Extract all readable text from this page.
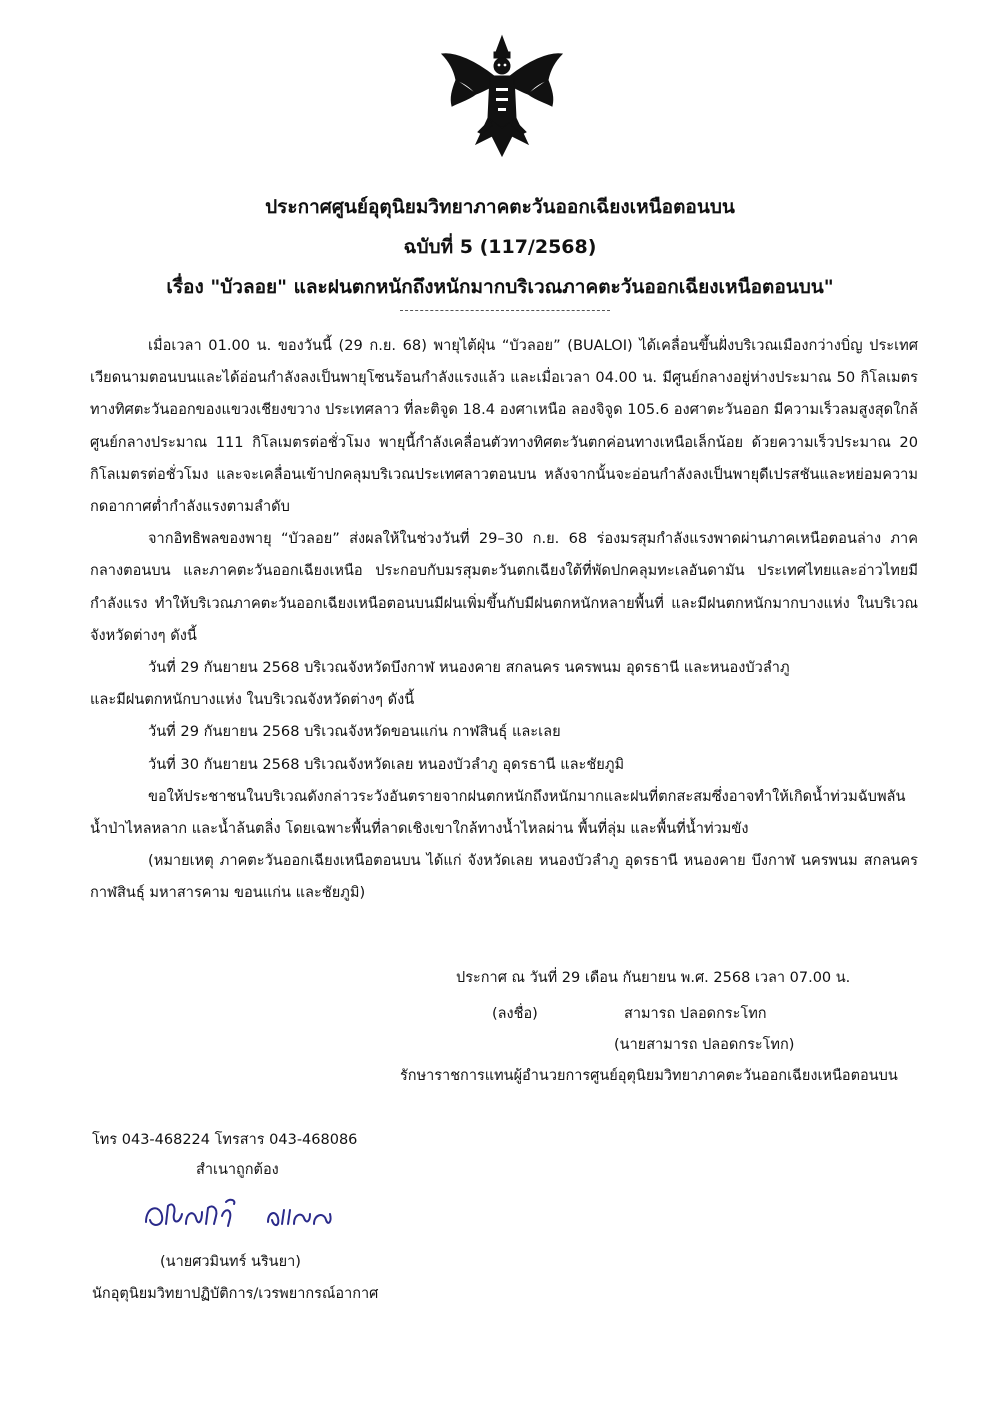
ประกาศศูนย์อุตุนิยมวิทยาภาคตะวันออกเฉียงเหนือตอนบน
ฉบับที่ 5 (117/2568)
เรื่อง "บัวลอย" และฝนตกหนักถึงหนักมากบริเวณภาคตะวันออกเฉียงเหนือตอนบน"

เมื่อเวลา 01.00 น. ของวันนี้ (29 ก.ย. 68) พายุไต้ฝุ่น “บัวลอย” (BUALOI) ได้เคลื่อนขึ้นฝั่งบริเวณเมืองกว่างบิ่ญ ประเทศเวียดนามตอนบนและได้อ่อนกำลังลงเป็นพายุโซนร้อนกำลังแรงแล้ว และเมื่อเวลา 04.00 น. มีศูนย์กลางอยู่ห่างประมาณ 50 กิโลเมตร ทางทิศตะวันออกของแขวงเชียงขวาง ประเทศลาว ที่ละติจูด 18.4 องศาเหนือ ลองจิจูด 105.6 องศาตะวันออก มีความเร็วลมสูงสุดใกล้ศูนย์กลางประมาณ 111 กิโลเมตรต่อชั่วโมง พายุนี้กำลังเคลื่อนตัวทางทิศตะวันตกค่อนทางเหนือเล็กน้อย ด้วยความเร็วประมาณ 20 กิโลเมตรต่อชั่วโมง และจะเคลื่อนเข้าปกคลุมบริเวณประเทศลาวตอนบน หลังจากนั้นจะอ่อนกำลังลงเป็นพายุดีเปรสชันและหย่อมความกดอากาศต่ำกำลังแรงตามลำดับ

จากอิทธิพลของพายุ “บัวลอย” ส่งผลให้ในช่วงวันที่ 29–30 ก.ย. 68 ร่องมรสุมกำลังแรงพาดผ่านภาคเหนือตอนล่าง ภาคกลางตอนบน และภาคตะวันออกเฉียงเหนือ ประกอบกับมรสุมตะวันตกเฉียงใต้ที่พัดปกคลุมทะเลอันดามัน ประเทศไทยและอ่าวไทยมีกำลังแรง ทำให้บริเวณภาคตะวันออกเฉียงเหนือตอนบนมีฝนเพิ่มขึ้นกับมีฝนตกหนักหลายพื้นที่ และมีฝนตกหนักมากบางแห่ง ในบริเวณจังหวัดต่างๆ ดังนี้

วันที่ 29 กันยายน 2568 บริเวณจังหวัดบึงกาฬ หนองคาย สกลนคร นครพนม อุดรธานี และหนองบัวลำภู

และมีฝนตกหนักบางแห่ง ในบริเวณจังหวัดต่างๆ ดังนี้

วันที่ 29 กันยายน 2568 บริเวณจังหวัดขอนแก่น กาฬสินธุ์ และเลย

วันที่ 30 กันยายน 2568 บริเวณจังหวัดเลย หนองบัวลำภู อุดรธานี และชัยภูมิ

ขอให้ประชาชนในบริเวณดังกล่าวระวังอันตรายจากฝนตกหนักถึงหนักมากและฝนที่ตกสะสมซึ่งอาจทำให้เกิดน้ำท่วมฉับพลัน น้ำป่าไหลหลาก และน้ำล้นตลิ่ง โดยเฉพาะพื้นที่ลาดเชิงเขาใกล้ทางน้ำไหลผ่าน พื้นที่ลุ่ม และพื้นที่น้ำท่วมขัง

(หมายเหตุ ภาคตะวันออกเฉียงเหนือตอนบน ได้แก่ จังหวัดเลย หนองบัวลำภู อุดรธานี หนองคาย บึงกาฬ นครพนม สกลนคร กาฬสินธุ์ มหาสารคาม ขอนแก่น และชัยภูมิ)

ประกาศ ณ วันที่ 29 เดือน กันยายน พ.ศ. 2568 เวลา 07.00 น.
(ลงชื่อ)	สามารถ ปลอดกระโทก
(นายสามารถ ปลอดกระโทก)
รักษาราชการแทนผู้อำนวยการศูนย์อุตุนิยมวิทยาภาคตะวันออกเฉียงเหนือตอนบน
โทร 043-468224 โทรสาร 043-468086
สำเนาถูกต้อง
(นายศวมินทร์ นรินยา)
นักอุตุนิยมวิทยาปฏิบัติการ/เวรพยากรณ์อากาศ
